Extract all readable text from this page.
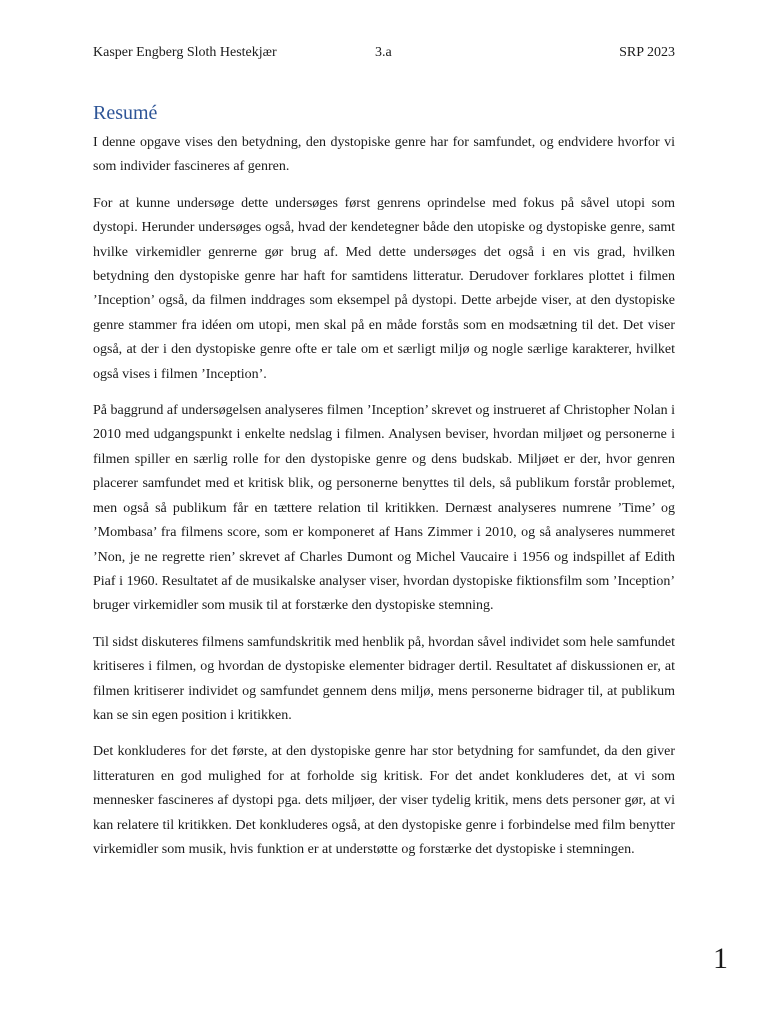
Kasper Engberg Sloth Hestekjær	3.a	SRP 2023
Resumé

I denne opgave vises den betydning, den dystopiske genre har for samfundet, og endvidere hvorfor vi som individer fascineres af genren.

For at kunne undersøge dette undersøges først genrens oprindelse med fokus på såvel utopi som dystopi. Herunder undersøges også, hvad der kendetegner både den utopiske og dystopiske genre, samt hvilke virkemidler genrerne gør brug af. Med dette undersøges det også i en vis grad, hvilken betydning den dystopiske genre har haft for samtidens litteratur. Derudover forklares plottet i filmen ’Inception’ også, da filmen inddrages som eksempel på dystopi. Dette arbejde viser, at den dystopiske genre stammer fra idéen om utopi, men skal på en måde forstås som en modsætning til det. Det viser også, at der i den dystopiske genre ofte er tale om et særligt miljø og nogle særlige karakterer, hvilket også vises i filmen ’Inception’.

På baggrund af undersøgelsen analyseres filmen ’Inception’ skrevet og instrueret af Christopher Nolan i 2010 med udgangspunkt i enkelte nedslag i filmen. Analysen beviser, hvordan miljøet og personerne i filmen spiller en særlig rolle for den dystopiske genre og dens budskab. Miljøet er der, hvor genren placerer samfundet med et kritisk blik, og personerne benyttes til dels, så publikum forstår problemet, men også så publikum får en tættere relation til kritikken. Dernæst analyseres numrene ’Time’ og ’Mombasa’ fra filmens score, som er komponeret af Hans Zimmer i 2010, og så analyseres nummeret ’Non, je ne regrette rien’ skrevet af Charles Dumont og Michel Vaucaire i 1956 og indspillet af Edith Piaf i 1960. Resultatet af de musikalske analyser viser, hvordan dystopiske fiktionsfilm som ’Inception’ bruger virkemidler som musik til at forstærke den dystopiske stemning.

Til sidst diskuteres filmens samfundskritik med henblik på, hvordan såvel individet som hele samfundet kritiseres i filmen, og hvordan de dystopiske elementer bidrager dertil. Resultatet af diskussionen er, at filmen kritiserer individet og samfundet gennem dens miljø, mens personerne bidrager til, at publikum kan se sin egen position i kritikken.

Det konkluderes for det første, at den dystopiske genre har stor betydning for samfundet, da den giver litteraturen en god mulighed for at forholde sig kritisk. For det andet konkluderes det, at vi som mennesker fascineres af dystopi pga. dets miljøer, der viser tydelig kritik, mens dets personer gør, at vi kan relatere til kritikken. Det konkluderes også, at den dystopiske genre i forbindelse med film benytter virkemidler som musik, hvis funktion er at understøtte og forstærke det dystopiske i stemningen.

1
